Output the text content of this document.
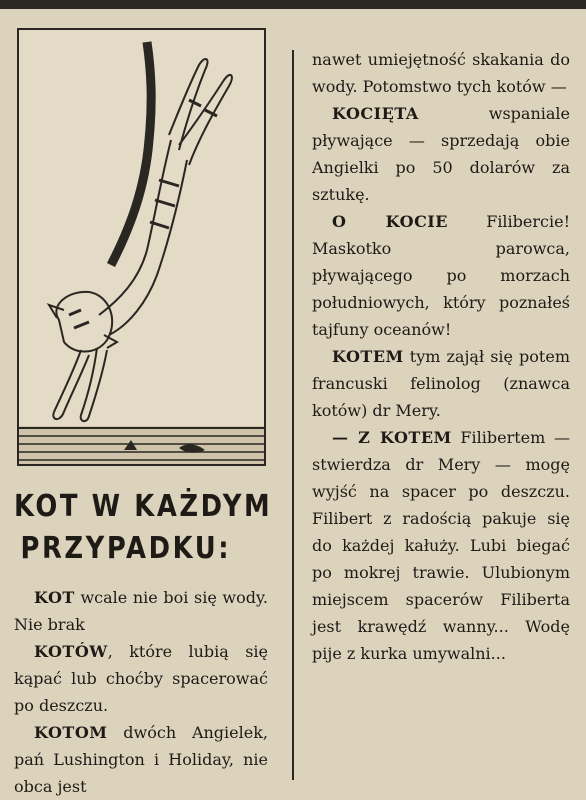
KOT W KAŻDYM
PRZYPADKU:

KOT wcale nie boi się wody. Nie brak

KOTÓW, które lubią się kąpać lub choćby spacerować po deszczu.

KOTOM dwóch Angielek, pań Lushington i Holiday, nie obca jest

nawet umiejętność skakania do wody. Potomstwo tych kotów —

KOCIĘTA wspaniale pływające — sprzedają obie Angielki po 50 dolarów za sztukę.

O KOCIE Filibercie! Maskotko parowca, pływającego po morzach południowych, który poznałeś tajfuny oceanów!

KOTEM tym zajął się potem francuski felinolog (znawca kotów) dr Mery.

— Z KOTEM Filibertem — stwierdza dr Mery — mogę wyjść na spacer po deszczu. Filibert z radością pakuje się do każdej kałuży. Lubi biegać po mokrej trawie. Ulubionym miejscem spacerów Filiberta jest krawędź wanny... Wodę pije z kurka umywalni...
